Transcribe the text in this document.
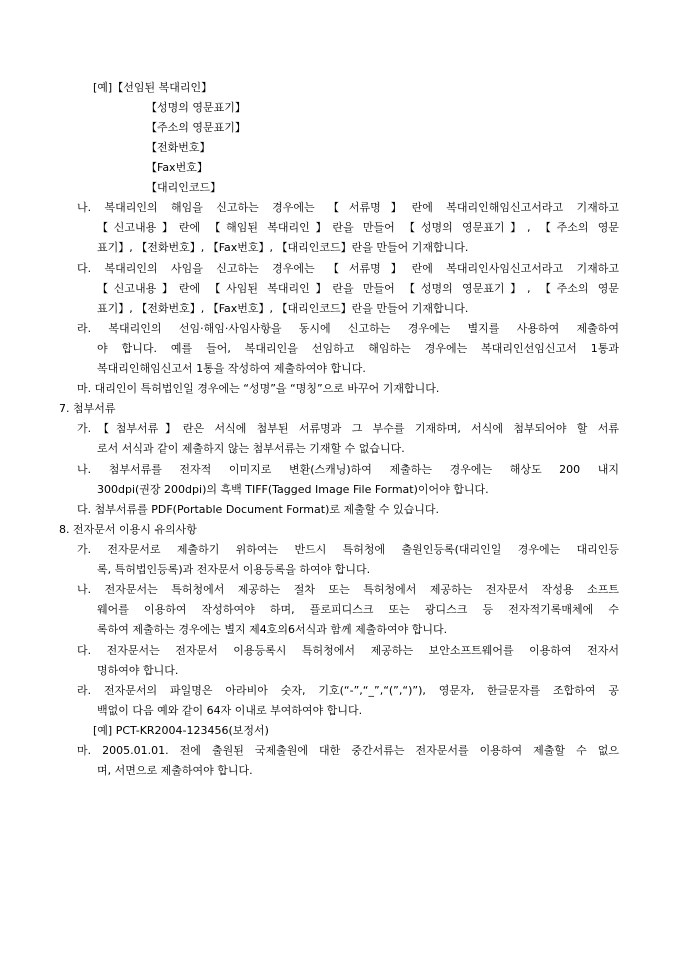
[예]【선임된 복대리인】
【성명의 영문표기】
【주소의 영문표기】
【전화번호】
【Fax번호】
【대리인코드】
나. 복대리인의 해임을 신고하는 경우에는 【서류명】란에 복대리인해임신고서라고 기재하고
【신고내용】란에 【해임된 복대리인】란을 만들어 【성명의 영문표기】, 【주소의 영문
표기】, 【전화번호】, 【Fax번호】, 【대리인코드】란을 만들어 기재합니다.
다. 복대리인의 사임을 신고하는 경우에는 【서류명】란에 복대리인사임신고서라고 기재하고
【신고내용】란에 【사임된 복대리인】란을 만들어 【성명의 영문표기】, 【주소의 영문
표기】, 【전화번호】, 【Fax번호】, 【대리인코드】란을 만들어 기재합니다.
라. 복대리인의 선임·해임·사임사항을 동시에 신고하는 경우에는 별지를 사용하여 제출하여
야 합니다. 예를 들어, 복대리인을 선임하고 해임하는 경우에는 복대리인선임신고서 1통과
복대리인해임신고서 1통을 작성하여 제출하여야 합니다.
마. 대리인이 특허법인일 경우에는 “성명”을 “명칭”으로 바꾸어 기재합니다.
7. 첨부서류
가.【첨부서류】란은 서식에 첨부된 서류명과 그 부수를 기재하며, 서식에 첨부되어야 할 서류
로서 서식과 같이 제출하지 않는 첨부서류는 기재할 수 없습니다.
나. 첨부서류를 전자적 이미지로 변환(스캐닝)하여 제출하는 경우에는 해상도 200 내지
300dpi(권장 200dpi)의 흑백 TIFF(Tagged Image File Format)이어야 합니다.
다. 첨부서류를 PDF(Portable Document Format)로 제출할 수 있습니다.
8. 전자문서 이용시 유의사항
가. 전자문서로 제출하기 위하여는 반드시 특허청에 출원인등록(대리인일 경우에는 대리인등
록, 특허법인등록)과 전자문서 이용등록을 하여야 합니다.
나. 전자문서는 특허청에서 제공하는 절차 또는 특허청에서 제공하는 전자문서 작성용 소프트
웨어를 이용하여 작성하여야 하며, 플로피디스크 또는 광디스크 등 전자적기록매체에 수
록하여 제출하는 경우에는 별지 제4호의6서식과 함께 제출하여야 합니다.
다. 전자문서는 전자문서 이용등록시 특허청에서 제공하는 보안소프트웨어를 이용하여 전자서
명하여야 합니다.
라. 전자문서의 파일명은 아라비아 숫자, 기호(“-”,“_”,“(”,“)”), 영문자, 한글문자를 조합하여 공
백없이 다음 예와 같이 64자 이내로 부여하여야 합니다.
[예] PCT-KR2004-123456(보정서)
마. 2005.01.01. 전에 출원된 국제출원에 대한 중간서류는 전자문서를 이용하여 제출할 수 없으
며, 서면으로 제출하여야 합니다.
